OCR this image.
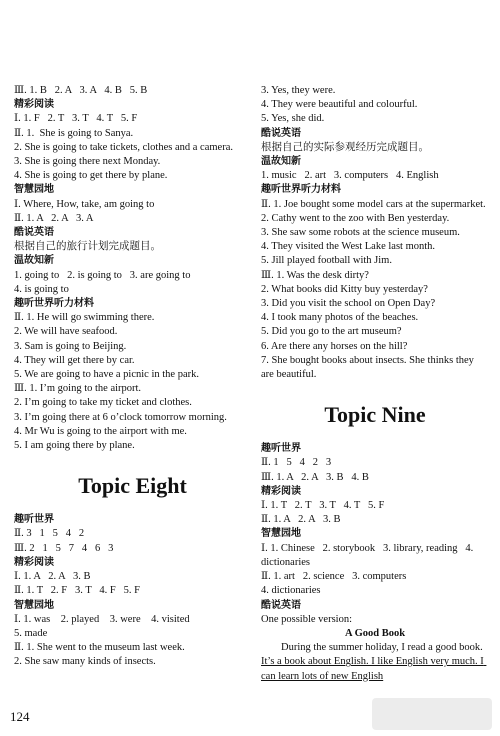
Ⅲ. 1. B   2. A   3. A   4. B   5. B
精彩阅读
Ⅰ. 1. F   2. T   3. T   4. T   5. F
Ⅱ. 1.  She is going to Sanya.
2. She is going to take tickets, clothes and a camera.
3. She is going there next Monday.
4. She is going to get there by plane.
智慧园地
Ⅰ. Where, How, take, am going to
Ⅱ. 1. A   2. A   3. A
酷说英语
根据自己的旅行计划完成题目。
温故知新
1. going to   2. is going to   3. are going to
4. is going to
趣听世界听力材料
Ⅱ. 1. He will go swimming there.
2. We will have seafood.
3. Sam is going to Beijing.
4. They will get there by car.
5. We are going to have a picnic in the park.
Ⅲ. 1. I’m going to the airport.
2. I’m going to take my ticket and clothes.
3. I’m going there at 6 o’clock tomorrow morning.
4. Mr Wu is going to the airport with me.
5. I am going there by plane.
Topic Eight
趣听世界
Ⅱ. 3   1   5   4   2
Ⅲ. 2   1   5   7   4   6   3
精彩阅读
Ⅰ. 1. A   2. A   3. B
Ⅱ. 1. T   2. F   3. T   4. F   5. F
智慧园地
Ⅰ. 1. was    2. played    3. were    4. visited
5. made
Ⅱ. 1. She went to the museum last week.
2. She saw many kinds of insects.
3. Yes, they were.
4. They were beautiful and colourful.
5. Yes, she did.
酷说英语
根据自己的实际参观经历完成题目。
温故知新
1. music   2. art   3. computers   4. English
趣听世界听力材料
Ⅱ. 1. Joe bought some model cars at the supermarket.
2. Cathy went to the zoo with Ben yesterday.
3. She saw some robots at the science museum.
4. They visited the West Lake last month.
5. Jill played football with Jim.
Ⅲ. 1. Was the desk dirty?
2. What books did Kitty buy yesterday?
3. Did you visit the school on Open Day?
4. I took many photos of the beaches.
5. Did you go to the art museum?
6. Are there any horses on the hill?
7. She bought books about insects. She thinks they are beautiful.
Topic Nine
趣听世界
Ⅱ. 1   5   4   2   3
Ⅲ. 1. A   2. A   3. B   4. B
精彩阅读
Ⅰ. 1. T   2. T   3. T   4. T   5. F
Ⅱ. 1. A   2. A   3. B
智慧园地
Ⅰ. 1. Chinese   2. storybook   3. library, reading   4. dictionaries
Ⅱ. 1. art   2. science   3. computers
4. dictionaries
酷说英语
One possible version:
A Good Book
During the summer holiday, I read a good book.
It’s a book about English. I like English very much. I can learn lots of new English
124
